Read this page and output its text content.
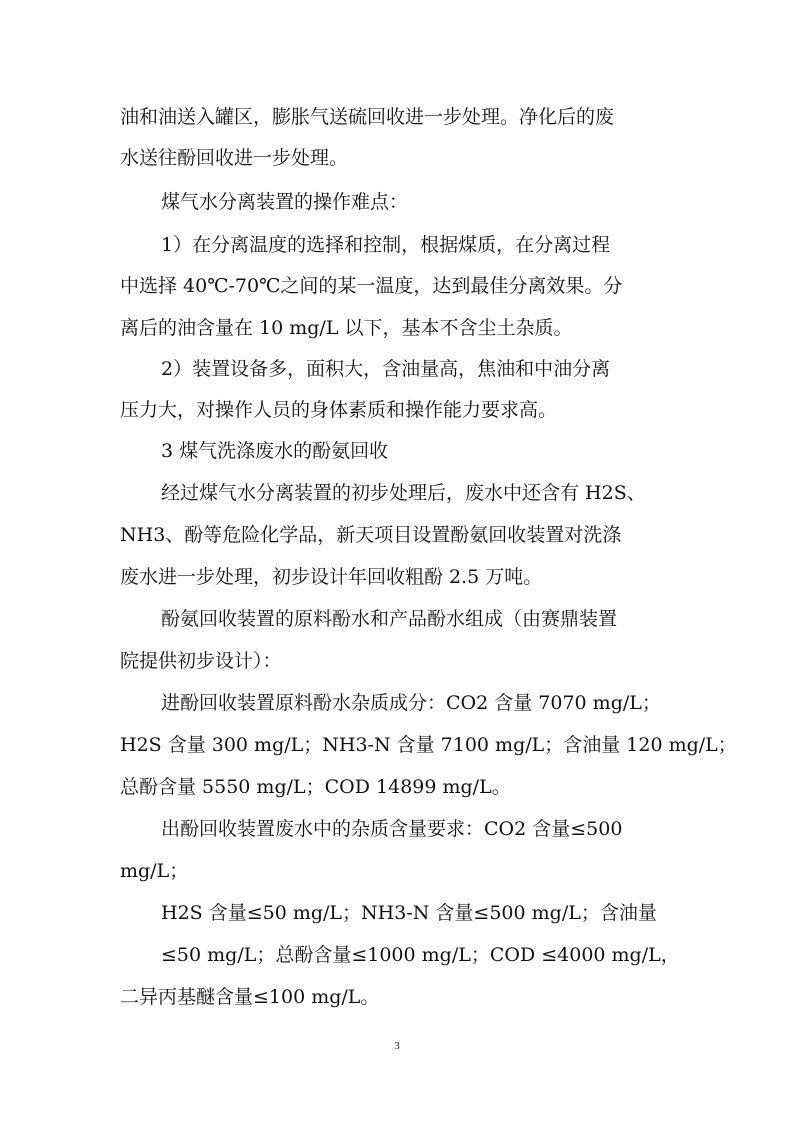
油和油送入罐区，膨胀气送硫回收进一步处理。净化后的废
水送往酚回收进一步处理。
煤气水分离装置的操作难点：
1）在分离温度的选择和控制，根据煤质，在分离过程
中选择 40℃-70℃之间的某一温度，达到最佳分离效果。分
离后的油含量在 10 mg/L 以下，基本不含尘土杂质。
2）装置设备多，面积大，含油量高，焦油和中油分离
压力大，对操作人员的身体素质和操作能力要求高。
3 煤气洗涤废水的酚氨回收
经过煤气水分离装置的初步处理后，废水中还含有 H2S、
NH3、酚等危险化学品，新天项目设置酚氨回收装置对洗涤
废水进一步处理，初步设计年回收粗酚 2.5 万吨。
酚氨回收装置的原料酚水和产品酚水组成（由赛鼎装置
院提供初步设计）：
进酚回收装置原料酚水杂质成分：CO2 含量 7070 mg/L；
H2S 含量 300 mg/L；NH3-N 含量 7100 mg/L；含油量 120 mg/L；
总酚含量 5550 mg/L；COD 14899 mg/L。
出酚回收装置废水中的杂质含量要求：CO2 含量≤500
mg/L；
H2S 含量≤50 mg/L；NH3-N 含量≤500 mg/L；含油量
≤50 mg/L；总酚含量≤1000 mg/L；COD ≤4000 mg/L，
二异丙基醚含量≤100 mg/L。
3
